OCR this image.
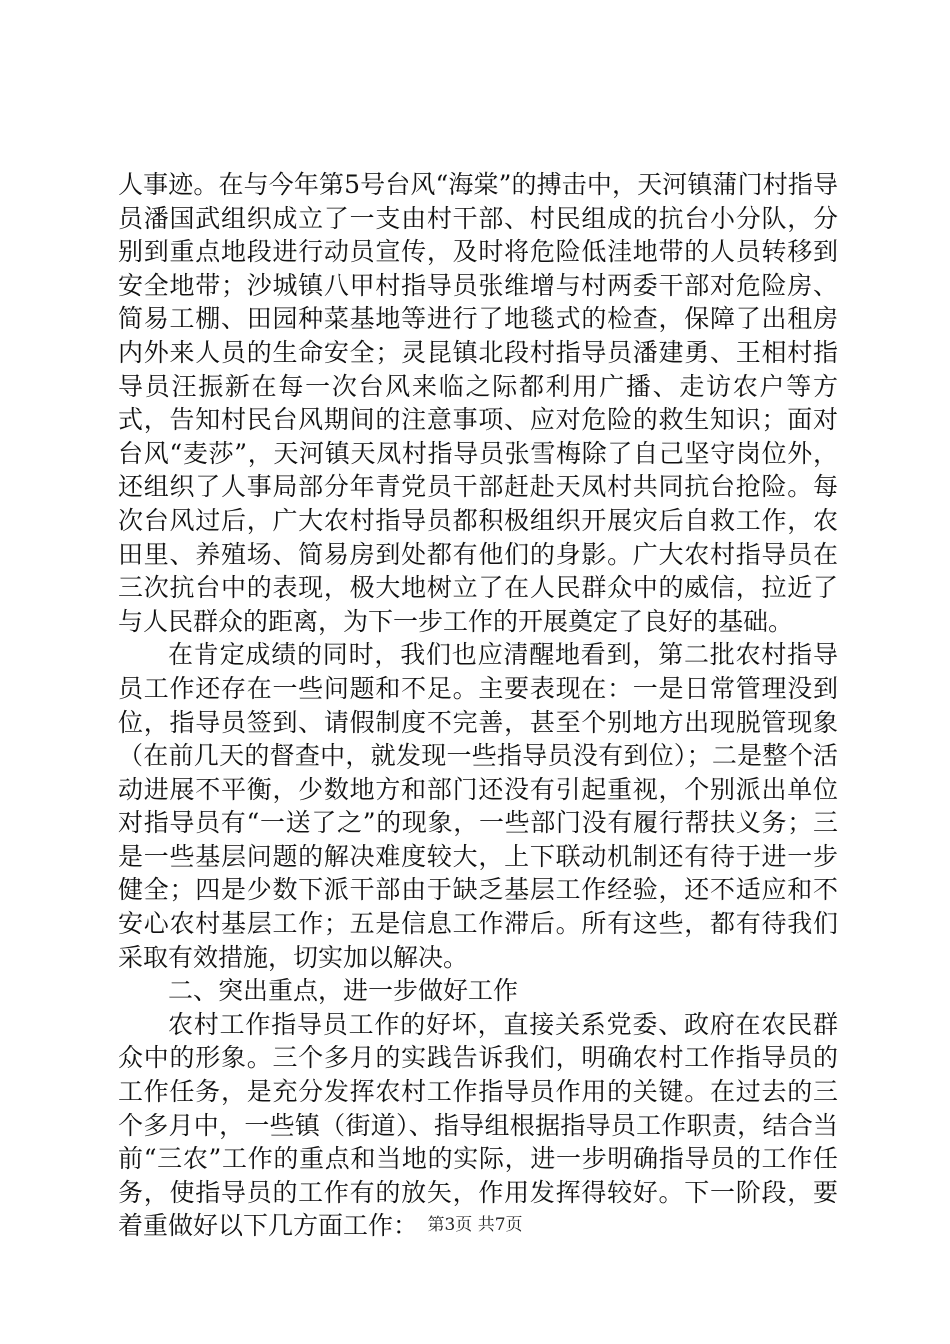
人事迹。在与今年第5号台风“海棠”的搏击中，天河镇蒲门村指导员潘国武组织成立了一支由村干部、村民组成的抗台小分队，分别到重点地段进行动员宣传，及时将危险低洼地带的人员转移到安全地带；沙城镇八甲村指导员张维增与村两委干部对危险房、简易工棚、田园种菜基地等进行了地毯式的检查，保障了出租房内外来人员的生命安全；灵昆镇北段村指导员潘建勇、王相村指导员汪振新在每一次台风来临之际都利用广播、走访农户等方式，告知村民台风期间的注意事项、应对危险的救生知识；面对台风“麦莎”，天河镇天凤村指导员张雪梅除了自己坚守岗位外，还组织了人事局部分年青党员干部赶赴天凤村共同抗台抢险。每次台风过后，广大农村指导员都积极组织开展灾后自救工作，农田里、养殖场、简易房到处都有他们的身影。广大农村指导员在三次抗台中的表现，极大地树立了在人民群众中的威信，拉近了与人民群众的距离，为下一步工作的开展奠定了良好的基础。

在肯定成绩的同时，我们也应清醒地看到，第二批农村指导员工作还存在一些问题和不足。主要表现在：一是日常管理没到位，指导员签到、请假制度不完善，甚至个别地方出现脱管现象（在前几天的督查中，就发现一些指导员没有到位）；二是整个活动进展不平衡，少数地方和部门还没有引起重视，个别派出单位对指导员有“一送了之”的现象，一些部门没有履行帮扶义务；三是一些基层问题的解决难度较大，上下联动机制还有待于进一步健全；四是少数下派干部由于缺乏基层工作经验，还不适应和不安心农村基层工作；五是信息工作滞后。所有这些，都有待我们采取有效措施，切实加以解决。

二、突出重点，进一步做好工作

农村工作指导员工作的好坏，直接关系党委、政府在农民群众中的形象。三个多月的实践告诉我们，明确农村工作指导员的工作任务，是充分发挥农村工作指导员作用的关键。在过去的三个多月中，一些镇（街道）、指导组根据指导员工作职责，结合当前“三农”工作的重点和当地的实际，进一步明确指导员的工作任务，使指导员的工作有的放矢，作用发挥得较好。下一阶段，要着重做好以下几方面工作： 第3页 共7页
